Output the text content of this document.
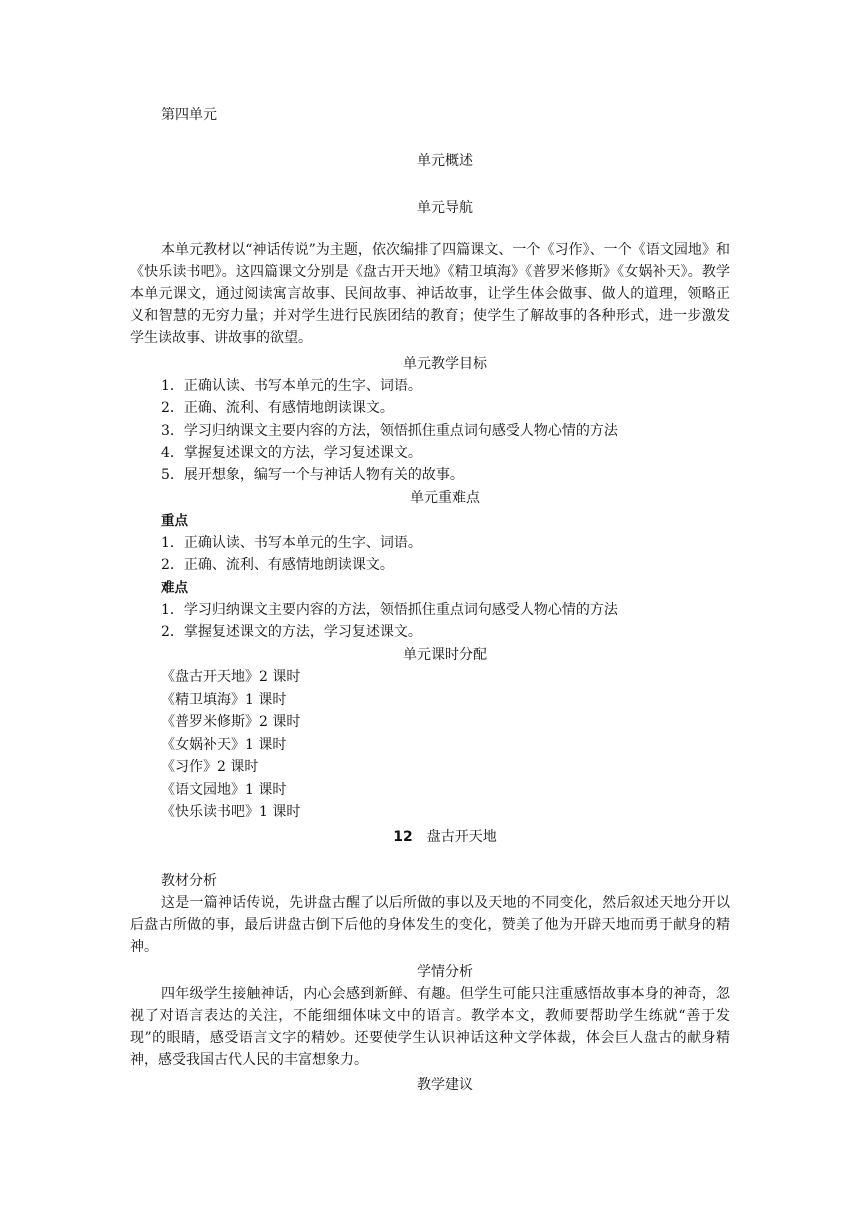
第四单元
单元概述
单元导航

本单元教材以“神话传说”为主题，依次编排了四篇课文、一个《习作》、一个《语文园地》和《快乐读书吧》。这四篇课文分别是《盘古开天地》《精卫填海》《普罗米修斯》《女娲补天》。教学本单元课文，通过阅读寓言故事、民间故事、神话故事，让学生体会做事、做人的道理，领略正义和智慧的无穷力量；并对学生进行民族团结的教育；使学生了解故事的各种形式，进一步激发学生读故事、讲故事的欲望。

单元教学目标
1．正确认读、书写本单元的生字、词语。
2．正确、流利、有感情地朗读课文。
3．学习归纳课文主要内容的方法，领悟抓住重点词句感受人物心情的方法
4．掌握复述课文的方法，学习复述课文。
5．展开想象，编写一个与神话人物有关的故事。
单元重难点
重点
1．正确认读、书写本单元的生字、词语。
2．正确、流利、有感情地朗读课文。
难点
1．学习归纳课文主要内容的方法，领悟抓住重点词句感受人物心情的方法
2．掌握复述课文的方法，学习复述课文。
单元课时分配
《盘古开天地》2 课时
《精卫填海》1 课时
《普罗米修斯》2 课时
《女娲补天》1 课时
《习作》2 课时
《语文园地》1 课时
《快乐读书吧》1 课时
12 盘古开天地
教材分析

这是一篇神话传说，先讲盘古醒了以后所做的事以及天地的不同变化，然后叙述天地分开以后盘古所做的事，最后讲盘古倒下后他的身体发生的变化，赞美了他为开辟天地而勇于献身的精神。

学情分析

四年级学生接触神话，内心会感到新鲜、有趣。但学生可能只注重感悟故事本身的神奇，忽视了对语言表达的关注，不能细细体味文中的语言。教学本文，教师要帮助学生练就“善于发现”的眼睛，感受语言文字的精妙。还要使学生认识神话这种文学体裁，体会巨人盘古的献身精神，感受我国古代人民的丰富想象力。

教学建议
